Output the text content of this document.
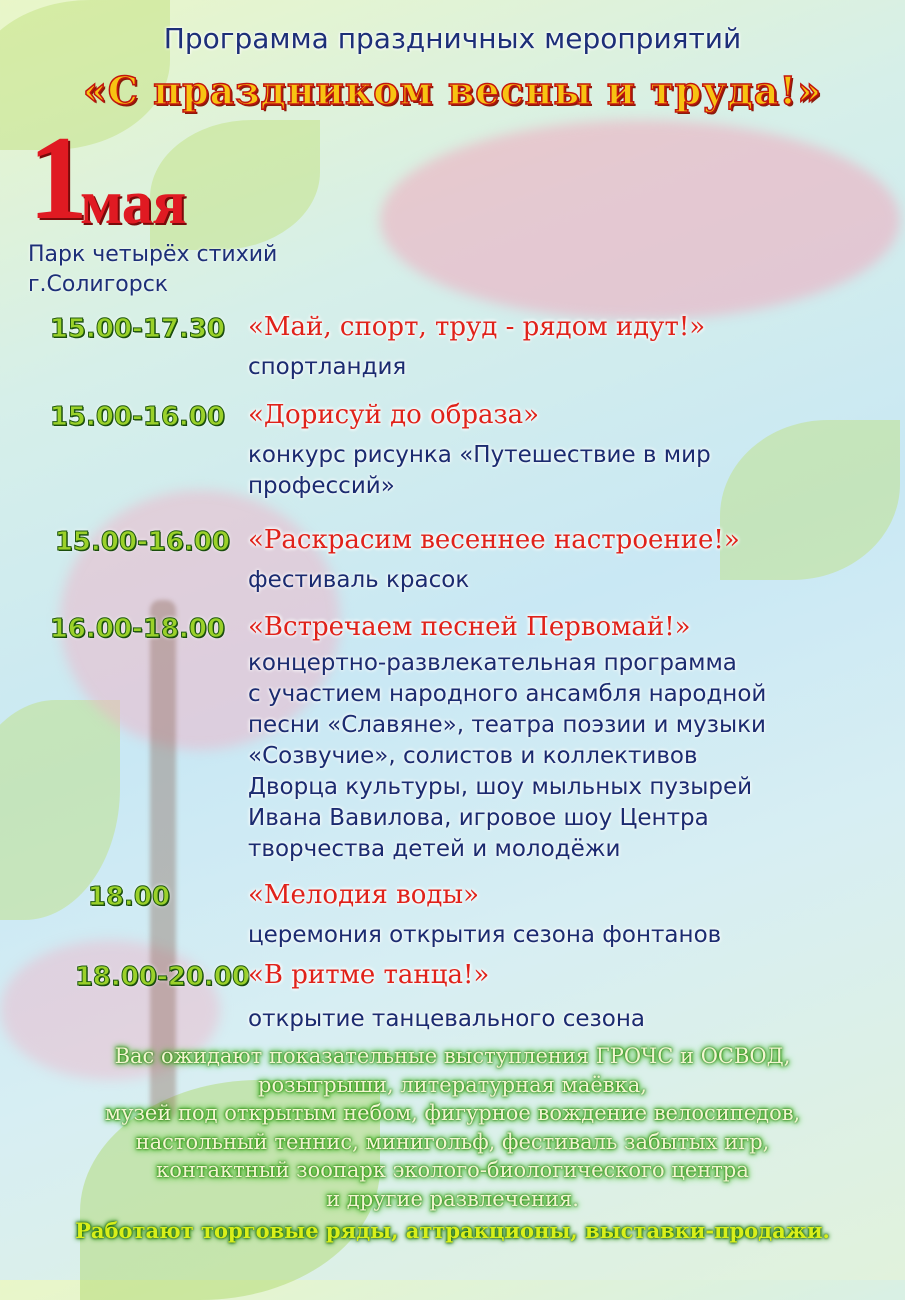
Программа праздничных мероприятий
«С праздником весны и труда!»
1
мая
Парк четырёх стихий
г.Солигорск
15.00-17.30 «Май, спорт, труд - рядом идут!»
спортландия
15.00-16.00 «Дорисуй до образа»
конкурс рисунка «Путешествие в мир
профессий»
15.00-16.00 «Раскрасим весеннее настроение!»
фестиваль красок
16.00-18.00 «Встречаем песней Первомай!»
концертно-развлекательная программа
с участием народного ансамбля народной
песни «Славяне», театра поэзии и музыки
«Созвучие», солистов и коллективов
Дворца культуры, шоу мыльных пузырей
Ивана Вавилова, игровое шоу Центра
творчества детей и молодёжи
18.00	«Мелодия воды»
церемония открытия сезона фонтанов
18.00-20.00
«В ритме танца!»
открытие танцевального сезона
Вас ожидают показательные выступления ГРОЧС и ОСВОД,
розыгрыши, литературная маёвка,
музей под открытым небом, фигурное вождение велосипедов,
настольный теннис, минигольф, фестиваль забытых игр,
контактный зоопарк эколого-биологического центра
и другие развлечения.
Работают торговые ряды, аттракционы, выставки-продажи.
